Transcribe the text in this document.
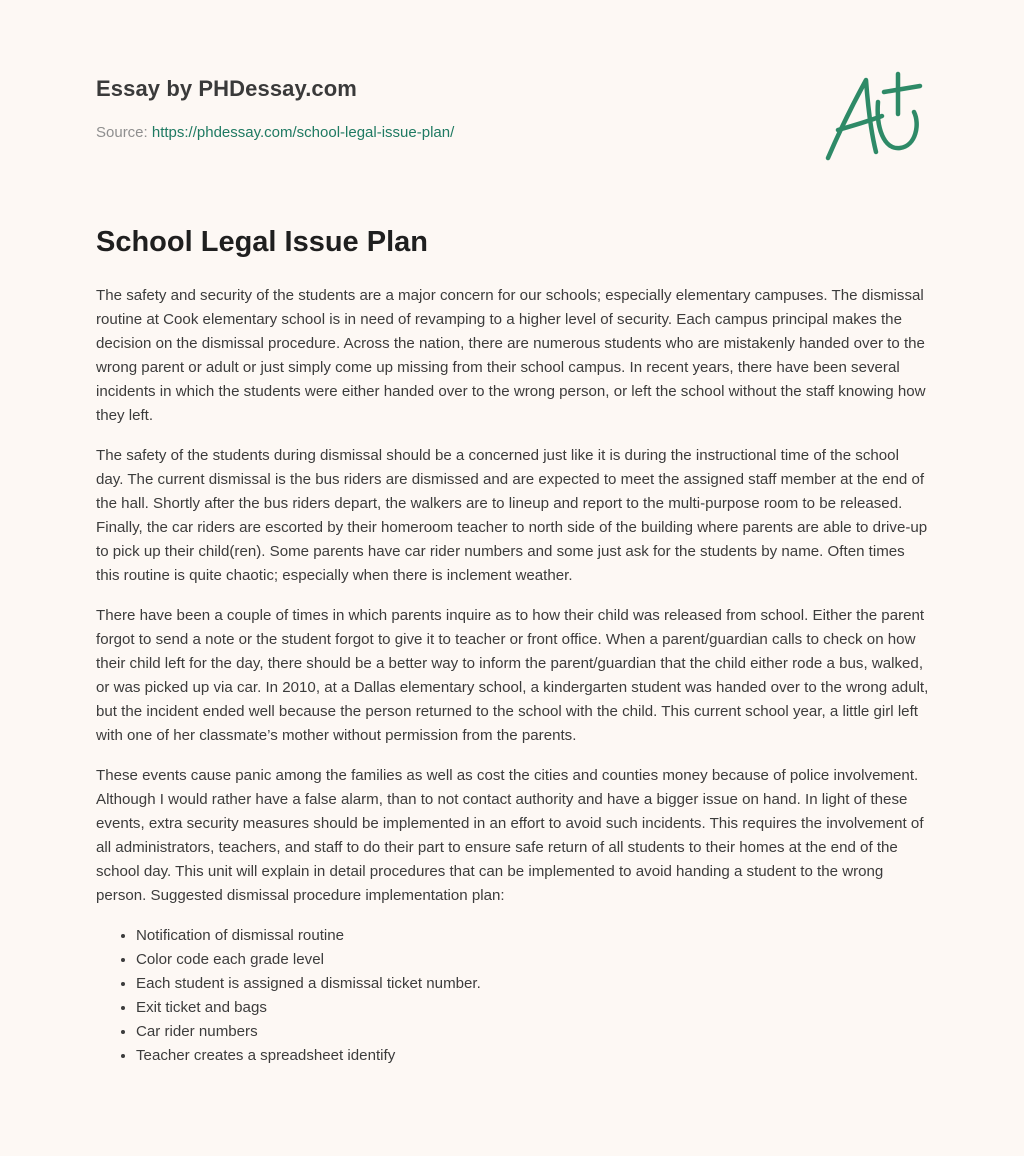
Essay by PHDessay.com
Source: https://phdessay.com/school-legal-issue-plan/
School Legal Issue Plan

The safety and security of the students are a major concern for our schools; especially elementary campuses. The dismissal routine at Cook elementary school is in need of revamping to a higher level of security. Each campus principal makes the decision on the dismissal procedure. Across the nation, there are numerous students who are mistakenly handed over to the wrong parent or adult or just simply come up missing from their school campus. In recent years, there have been several incidents in which the students were either handed over to the wrong person, or left the school without the staff knowing how they left.

The safety of the students during dismissal should be a concerned just like it is during the instructional time of the school day. The current dismissal is the bus riders are dismissed and are expected to meet the assigned staff member at the end of the hall. Shortly after the bus riders depart, the walkers are to lineup and report to the multi-purpose room to be released. Finally, the car riders are escorted by their homeroom teacher to north side of the building where parents are able to drive-up to pick up their child(ren). Some parents have car rider numbers and some just ask for the students by name. Often times this routine is quite chaotic; especially when there is inclement weather.

There have been a couple of times in which parents inquire as to how their child was released from school. Either the parent forgot to send a note or the student forgot to give it to teacher or front office. When a parent/guardian calls to check on how their child left for the day, there should be a better way to inform the parent/guardian that the child either rode a bus, walked, or was picked up via car. In 2010, at a Dallas elementary school, a kindergarten student was handed over to the wrong adult, but the incident ended well because the person returned to the school with the child. This current school year, a little girl left with one of her classmate’s mother without permission from the parents.

These events cause panic among the families as well as cost the cities and counties money because of police involvement. Although I would rather have a false alarm, than to not contact authority and have a bigger issue on hand. In light of these events, extra security measures should be implemented in an effort to avoid such incidents. This requires the involvement of all administrators, teachers, and staff to do their part to ensure safe return of all students to their homes at the end of the school day. This unit will explain in detail procedures that can be implemented to avoid handing a student to the wrong person. Suggested dismissal procedure implementation plan:

• Notification of dismissal routine
• Color code each grade level
• Each student is assigned a dismissal ticket number.
• Exit ticket and bags
• Car rider numbers
• Teacher creates a spreadsheet identify
